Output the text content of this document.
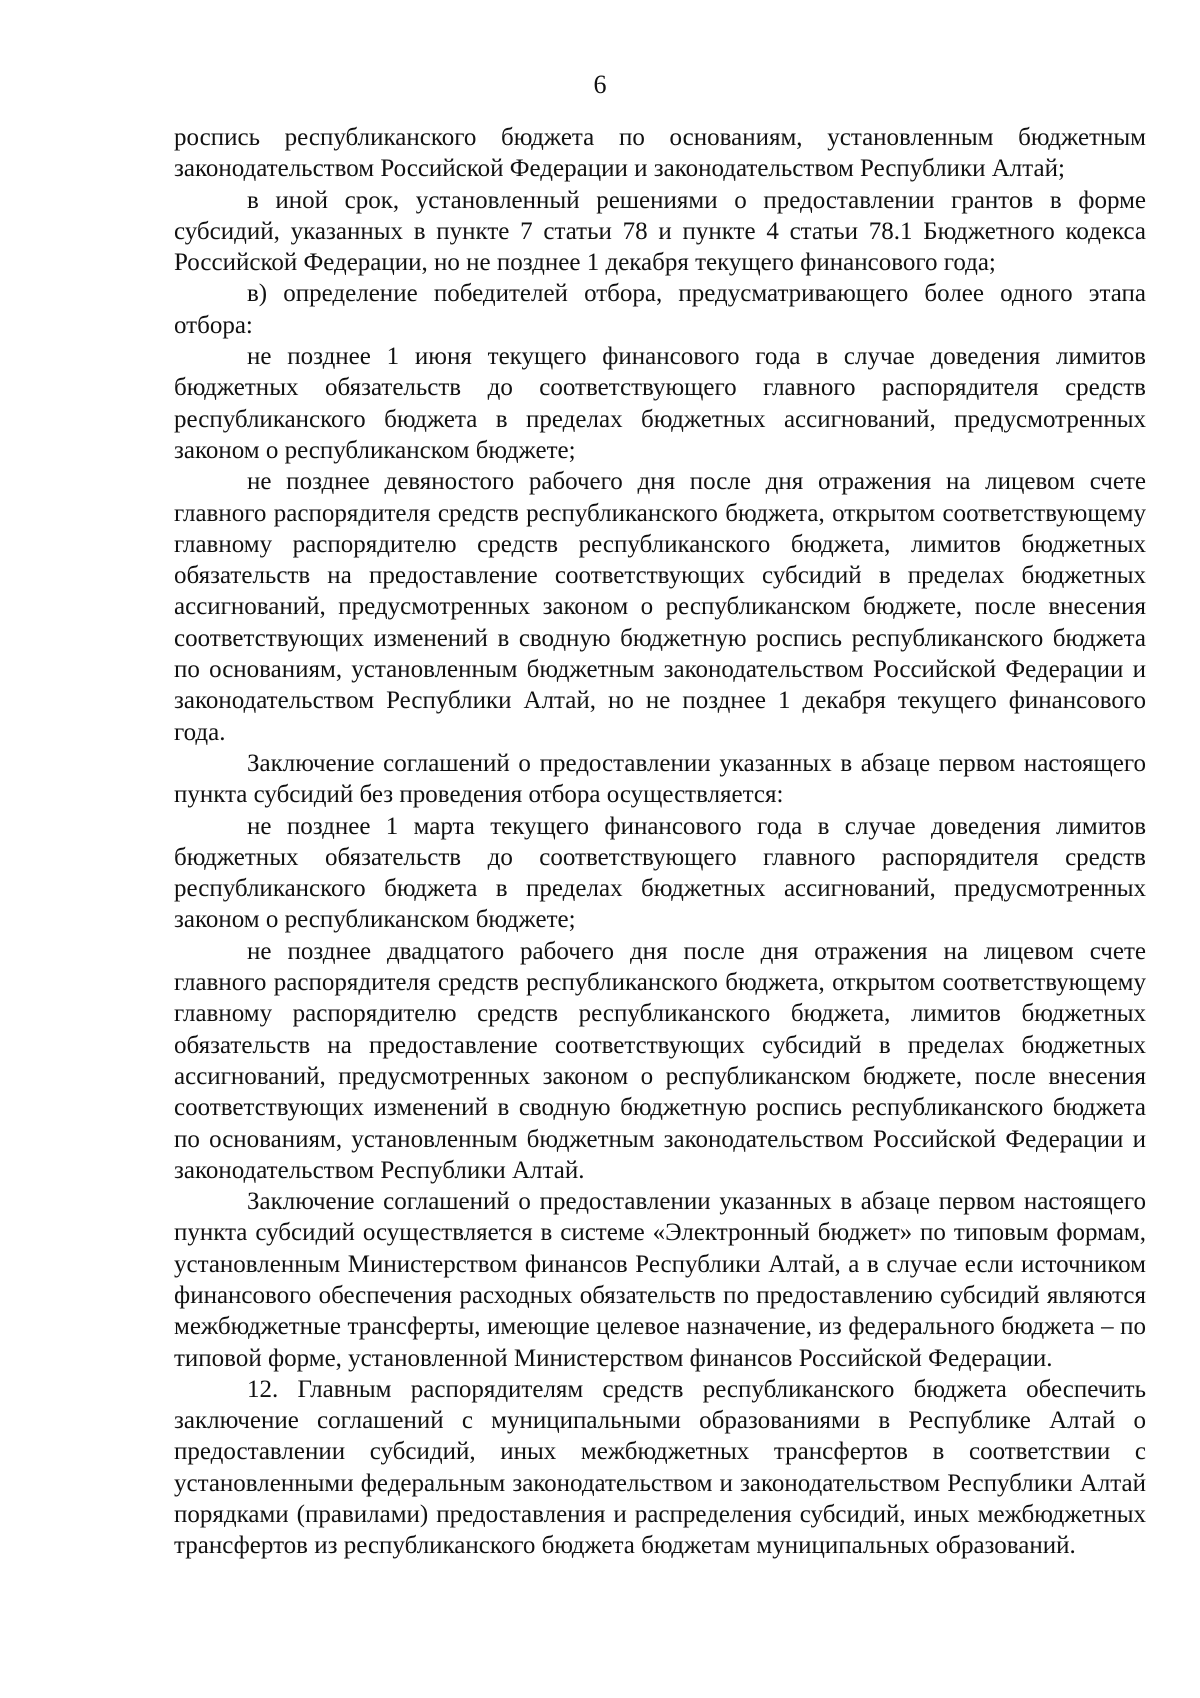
6

роспись республиканского бюджета по основаниям, установленным бюджетным законодательством Российской Федерации и законодательством Республики Алтай;

в иной срок, установленный решениями о предоставлении грантов в форме субсидий, указанных в пункте 7 статьи 78 и пункте 4 статьи 78.1 Бюджетного кодекса Российской Федерации, но не позднее 1 декабря текущего финансового года;

в) определение победителей отбора, предусматривающего более одного этапа отбора:

не позднее 1 июня текущего финансового года в случае доведения лимитов бюджетных обязательств до соответствующего главного распорядителя средств республиканского бюджета в пределах бюджетных ассигнований, предусмотренных законом о республиканском бюджете;

не позднее девяностого рабочего дня после дня отражения на лицевом счете главного распорядителя средств республиканского бюджета, открытом соответствующему главному распорядителю средств республиканского бюджета, лимитов бюджетных обязательств на предоставление соответствующих субсидий в пределах бюджетных ассигнований, предусмотренных законом о республиканском бюджете, после внесения соответствующих изменений в сводную бюджетную роспись республиканского бюджета по основаниям, установленным бюджетным законодательством Российской Федерации и законодательством Республики Алтай, но не позднее 1 декабря текущего финансового года.

Заключение соглашений о предоставлении указанных в абзаце первом настоящего пункта субсидий без проведения отбора осуществляется:

не позднее 1 марта текущего финансового года в случае доведения лимитов бюджетных обязательств до соответствующего главного распорядителя средств республиканского бюджета в пределах бюджетных ассигнований, предусмотренных законом о республиканском бюджете;

не позднее двадцатого рабочего дня после дня отражения на лицевом счете главного распорядителя средств республиканского бюджета, открытом соответствующему главному распорядителю средств республиканского бюджета, лимитов бюджетных обязательств на предоставление соответствующих субсидий в пределах бюджетных ассигнований, предусмотренных законом о республиканском бюджете, после внесения соответствующих изменений в сводную бюджетную роспись республиканского бюджета по основаниям, установленным бюджетным законодательством Российской Федерации и законодательством Республики Алтай.

Заключение соглашений о предоставлении указанных в абзаце первом настоящего пункта субсидий осуществляется в системе «Электронный бюджет» по типовым формам, установленным Министерством финансов Республики Алтай, а в случае если источником финансового обеспечения расходных обязательств по предоставлению субсидий являются межбюджетные трансферты, имеющие целевое назначение, из федерального бюджета – по типовой форме, установленной Министерством финансов Российской Федерации.

12. Главным распорядителям средств республиканского бюджета обеспечить заключение соглашений с муниципальными образованиями в Республике Алтай о предоставлении субсидий, иных межбюджетных трансфертов в соответствии с установленными федеральным законодательством и законодательством Республики Алтай порядками (правилами) предоставления и распределения субсидий, иных межбюджетных трансфертов из республиканского бюджета бюджетам муниципальных образований.
